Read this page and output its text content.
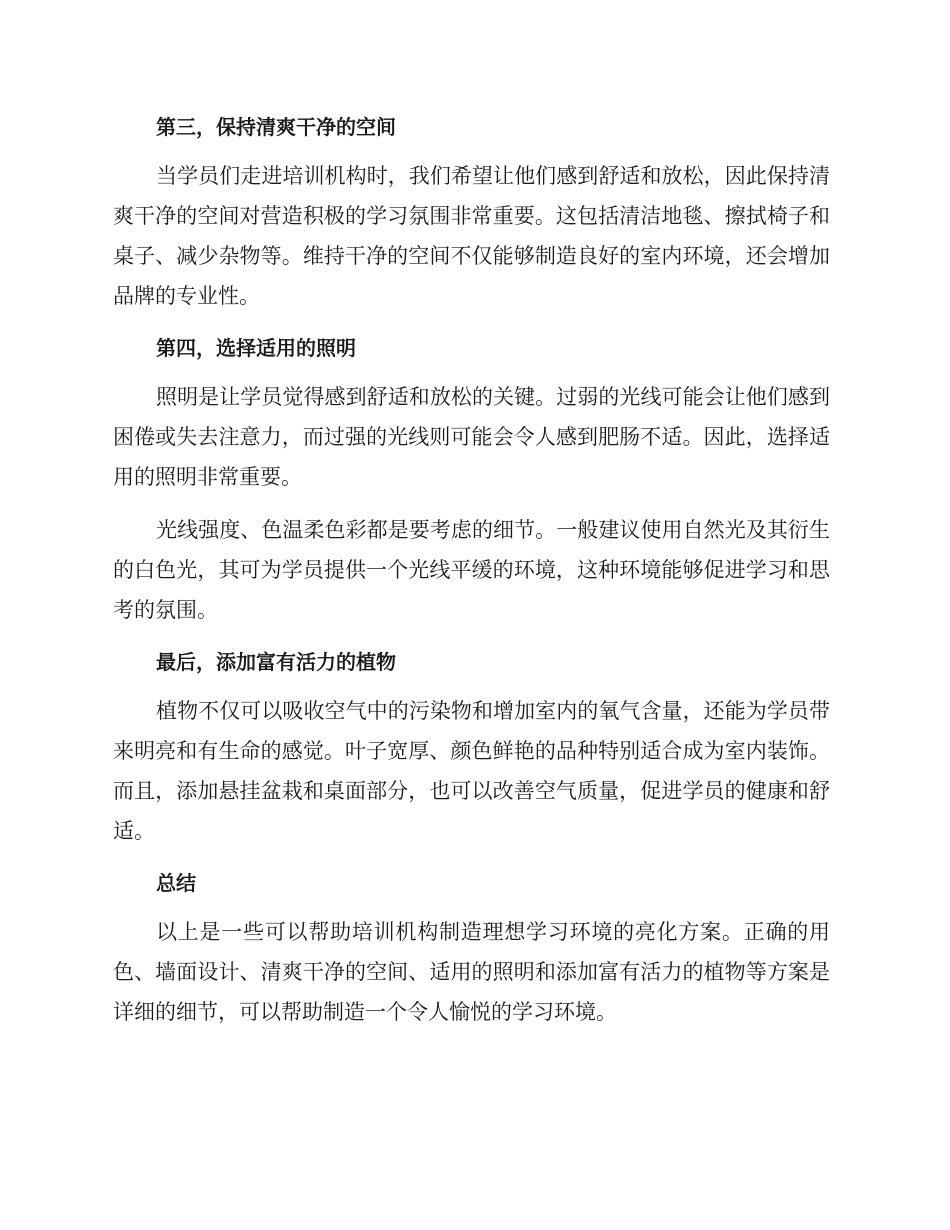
第三，保持清爽干净的空间

当学员们走进培训机构时，我们希望让他们感到舒适和放松，因此保持清爽干净的空间对营造积极的学习氛围非常重要。这包括清洁地毯、擦拭椅子和桌子、减少杂物等。维持干净的空间不仅能够制造良好的室内环境，还会增加品牌的专业性。

第四，选择适用的照明

照明是让学员觉得感到舒适和放松的关键。过弱的光线可能会让他们感到困倦或失去注意力，而过强的光线则可能会令人感到肥肠不适。因此，选择适用的照明非常重要。

光线强度、色温柔色彩都是要考虑的细节。一般建议使用自然光及其衍生的白色光，其可为学员提供一个光线平缓的环境，这种环境能够促进学习和思考的氛围。

最后，添加富有活力的植物

植物不仅可以吸收空气中的污染物和增加室内的氧气含量，还能为学员带来明亮和有生命的感觉。叶子宽厚、颜色鲜艳的品种特别适合成为室内装饰。而且，添加悬挂盆栽和桌面部分，也可以改善空气质量，促进学员的健康和舒适。

总结

以上是一些可以帮助培训机构制造理想学习环境的亮化方案。正确的用色、墙面设计、清爽干净的空间、适用的照明和添加富有活力的植物等方案是详细的细节，可以帮助制造一个令人愉悦的学习环境。
